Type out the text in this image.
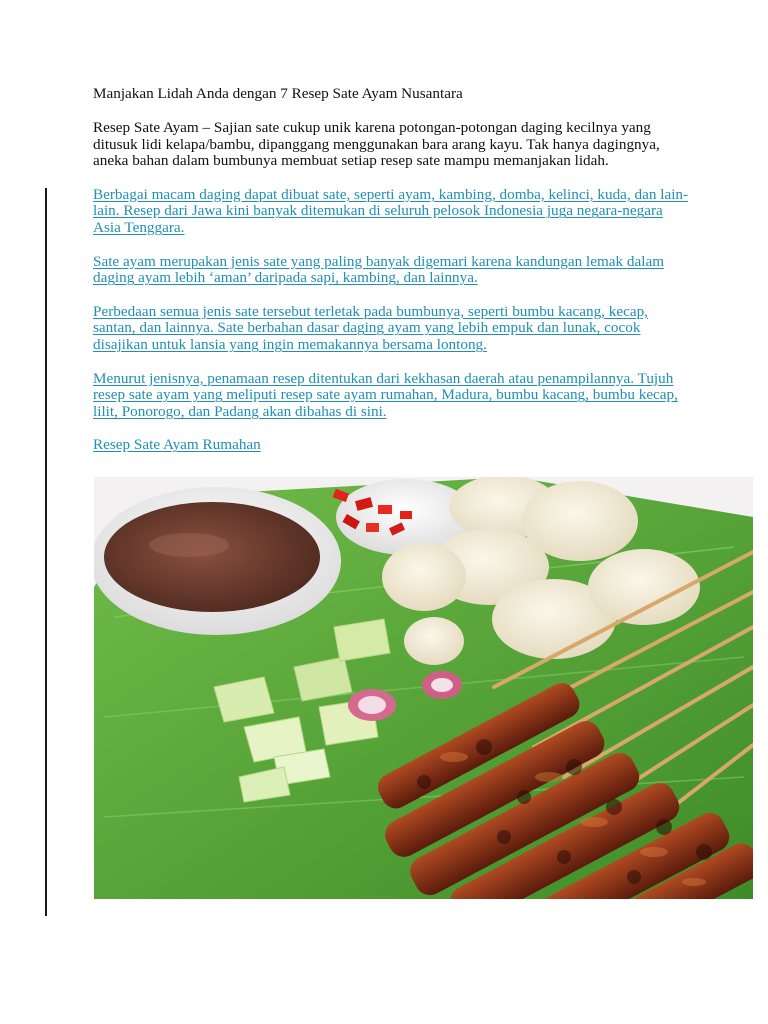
Manjakan Lidah Anda dengan 7 Resep Sate Ayam Nusantara

Resep Sate Ayam – Sajian sate cukup unik karena potongan-potongan daging kecilnya yang ditusuk lidi kelapa/bambu, dipanggang menggunakan bara arang kayu. Tak hanya dagingnya, aneka bahan dalam bumbunya membuat setiap resep sate mampu memanjakan lidah.

Berbagai macam daging dapat dibuat sate, seperti ayam, kambing, domba, kelinci, kuda, dan lain-lain. Resep dari Jawa kini banyak ditemukan di seluruh pelosok Indonesia juga negara-negara Asia Tenggara.

Sate ayam merupakan jenis sate yang paling banyak digemari karena kandungan lemak dalam daging ayam lebih ‘aman’ daripada sapi, kambing, dan lainnya.

Perbedaan semua jenis sate tersebut terletak pada bumbunya, seperti bumbu kacang, kecap, santan, dan lainnya. Sate berbahan dasar daging ayam yang lebih empuk dan lunak, cocok disajikan untuk lansia yang ingin memakannya bersama lontong.

Menurut jenisnya, penamaan resep ditentukan dari kekhasan daerah atau penampilannya. Tujuh resep sate ayam yang meliputi resep sate ayam rumahan, Madura, bumbu kacang, bumbu kecap, lilit, Ponorogo, dan Padang akan dibahas di sini.

Resep Sate Ayam Rumahan
